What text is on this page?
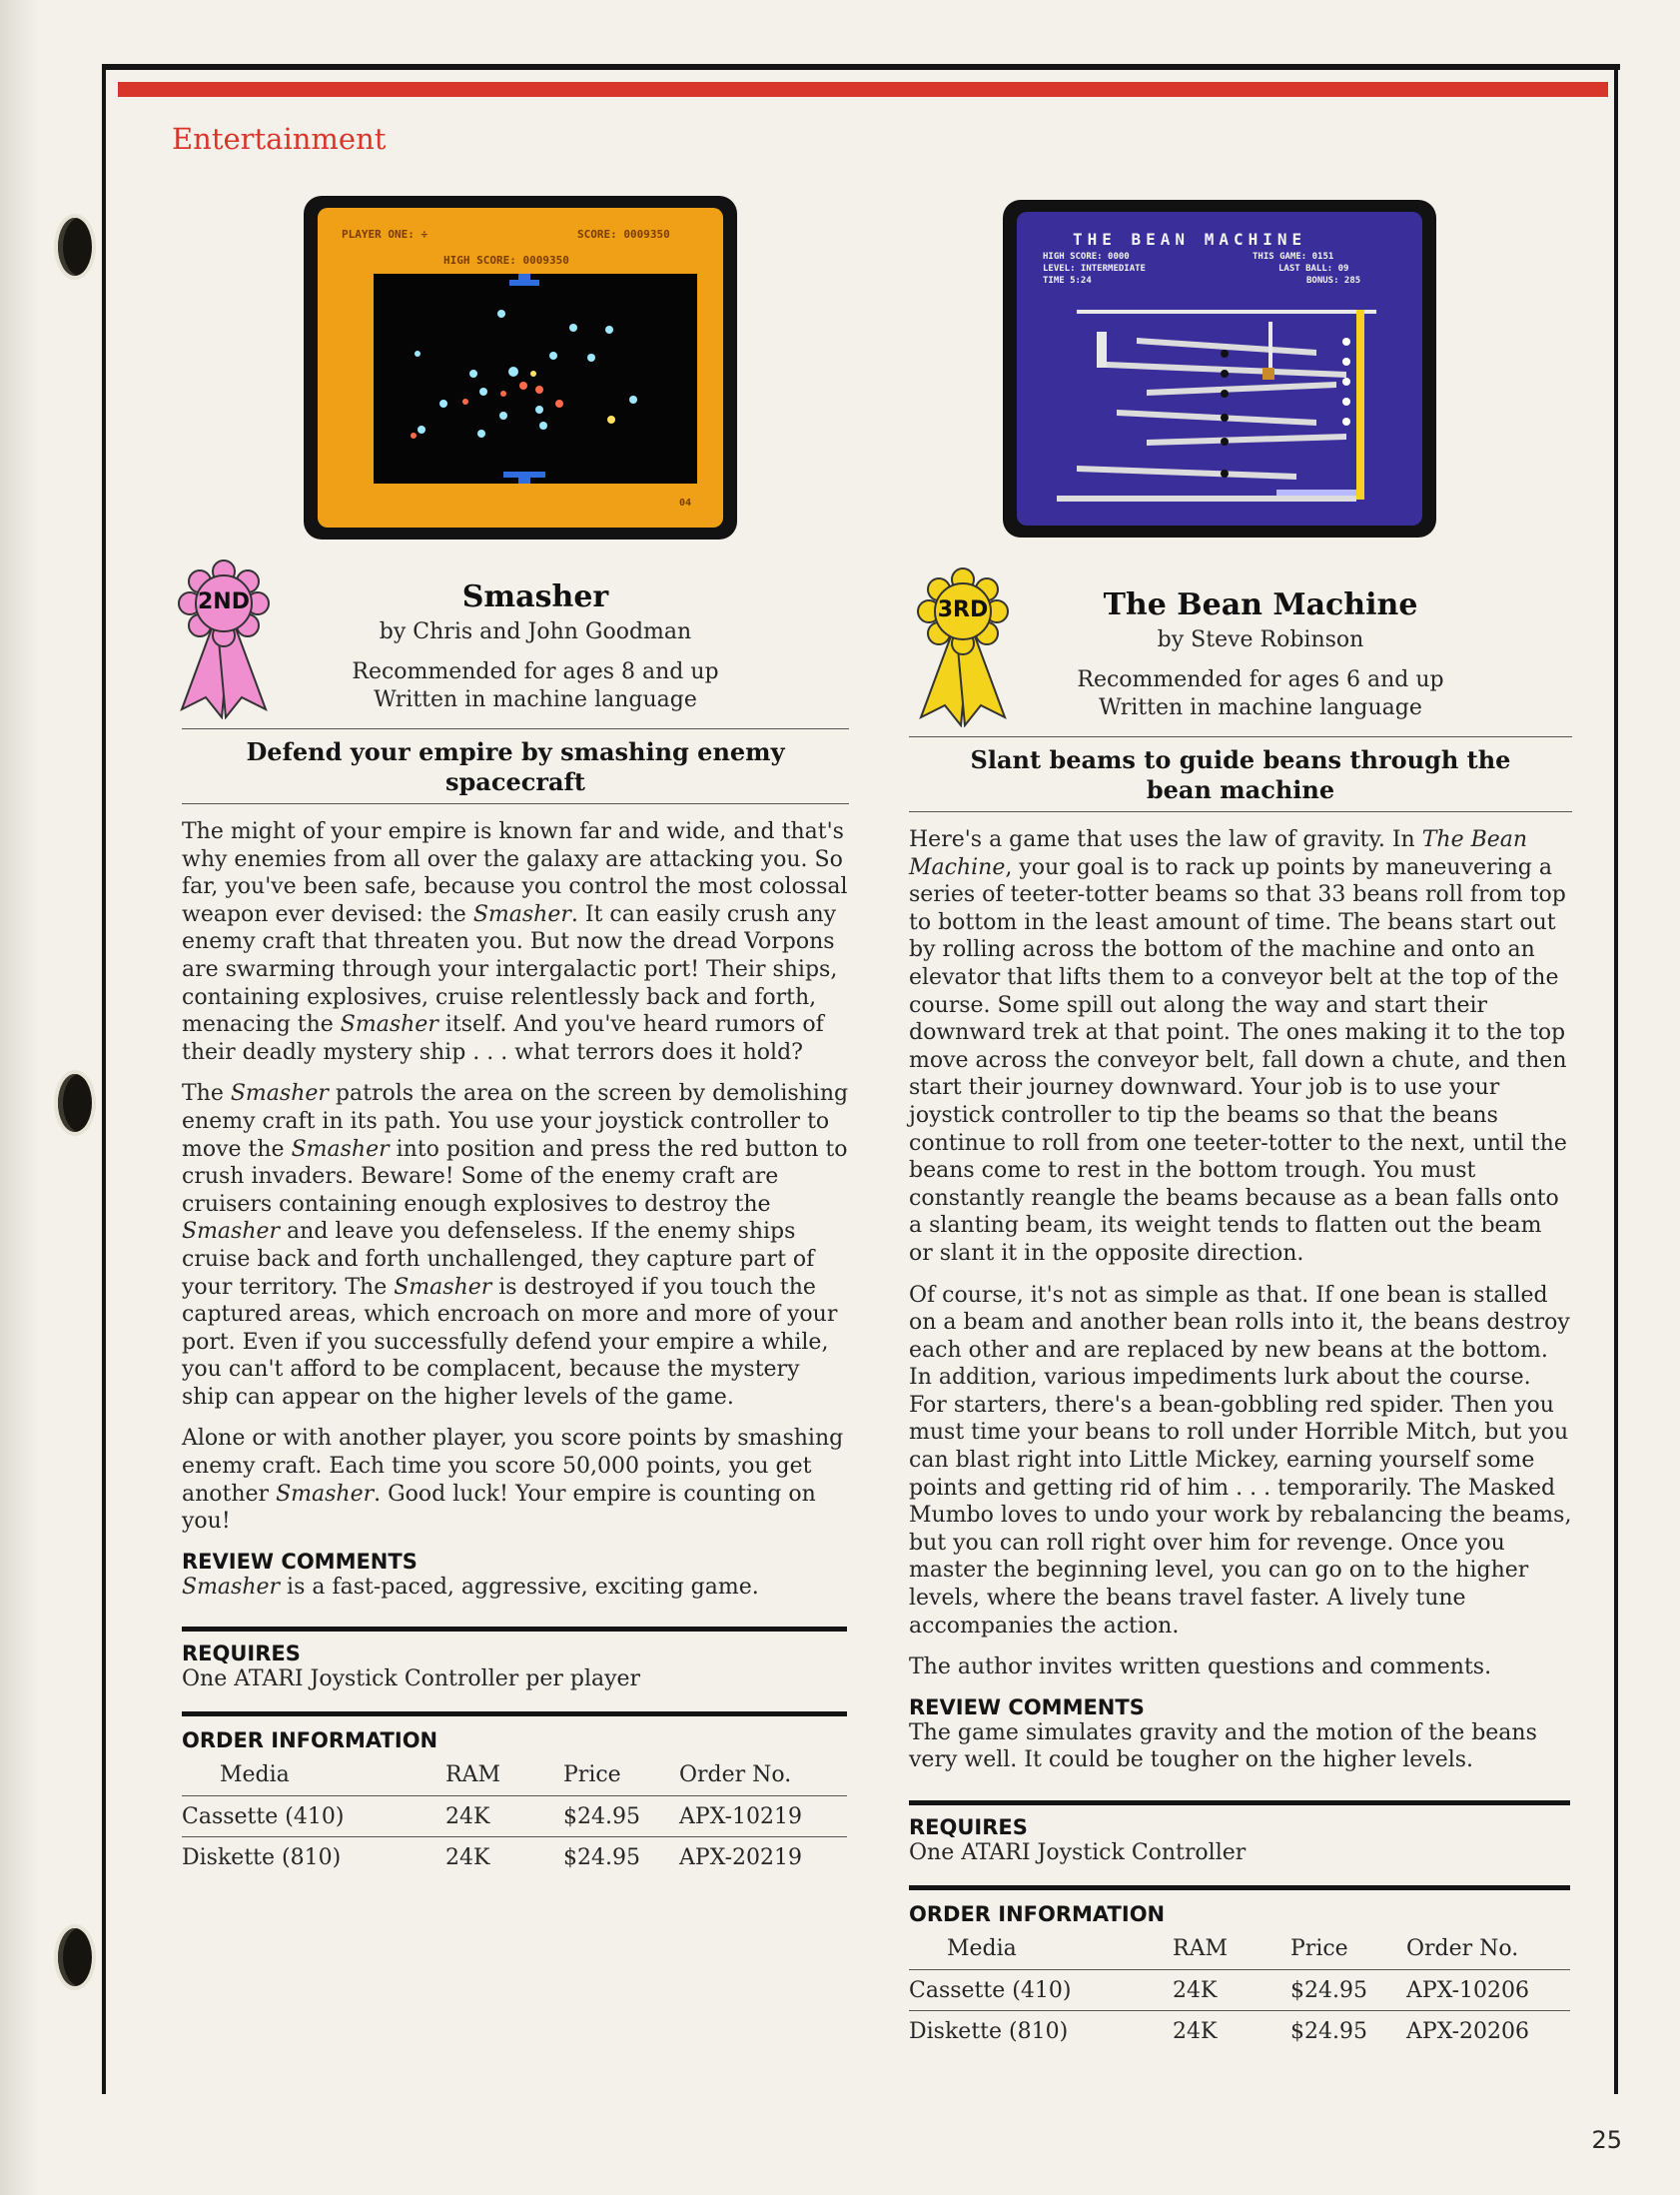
Entertainment
PLAYER ONE: ÷	SCORE: 0009350
HIGH SCORE: 0009350
04
THE BEAN MACHINE
HIGH SCORE: 0000	THIS GAME: 0151
LEVEL: INTERMEDIATE	LAST BALL: 09
TIME 5:24	BONUS: 285
2ND	3RD
Smasher
by Chris and John Goodman
Recommended for ages 8 and up
Written in machine language
Defend your empire by smashing enemy spacecraft

The might of your empire is known far and wide, and that's why enemies from all over the galaxy are attacking you. So far, you've been safe, because you control the most colossal weapon ever devised: the Smasher. It can easily crush any enemy craft that threaten you. But now the dread Vorpons are swarming through your intergalactic port! Their ships, containing explosives, cruise relentlessly back and forth, menacing the Smasher itself. And you've heard rumors of their deadly mystery ship . . . what terrors does it hold?

The Smasher patrols the area on the screen by demolishing enemy craft in its path. You use your joystick controller to move the Smasher into position and press the red button to crush invaders. Beware! Some of the enemy craft are cruisers containing enough explosives to destroy the Smasher and leave you defenseless. If the enemy ships cruise back and forth unchallenged, they capture part of your territory. The Smasher is destroyed if you touch the captured areas, which encroach on more and more of your port. Even if you successfully defend your empire a while, you can't afford to be complacent, because the mystery ship can appear on the higher levels of the game.

Alone or with another player, you score points by smashing enemy craft. Each time you score 50,000 points, you get another Smasher. Good luck! Your empire is counting on you!

REVIEW COMMENTS
Smasher is a fast-paced, aggressive, exciting game.
REQUIRES
One ATARI Joystick Controller per player
ORDER INFORMATION
Media	RAM	Price	Order No.
Cassette (410)	24K	$24.95	APX-10219
Diskette (810)	24K	$24.95	APX-20219
The Bean Machine
by Steve Robinson
Recommended for ages 6 and up
Written in machine language
Slant beams to guide beans through the bean machine

Here's a game that uses the law of gravity. In The Bean Machine, your goal is to rack up points by maneuvering a series of teeter-totter beams so that 33 beans roll from top to bottom in the least amount of time. The beans start out by rolling across the bottom of the machine and onto an elevator that lifts them to a conveyor belt at the top of the course. Some spill out along the way and start their downward trek at that point. The ones making it to the top move across the conveyor belt, fall down a chute, and then start their journey downward. Your job is to use your joystick controller to tip the beams so that the beans continue to roll from one teeter-totter to the next, until the beans come to rest in the bottom trough. You must constantly reangle the beams because as a bean falls onto a slanting beam, its weight tends to flatten out the beam or slant it in the opposite direction.

Of course, it's not as simple as that. If one bean is stalled on a beam and another bean rolls into it, the beans destroy each other and are replaced by new beans at the bottom. In addition, various impediments lurk about the course. For starters, there's a bean-gobbling red spider. Then you must time your beans to roll under Horrible Mitch, but you can blast right into Little Mickey, earning yourself some points and getting rid of him . . . temporarily. The Masked Mumbo loves to undo your work by rebalancing the beams, but you can roll right over him for revenge. Once you master the beginning level, you can go on to the higher levels, where the beans travel faster. A lively tune accompanies the action.

The author invites written questions and comments.

REVIEW COMMENTS
The game simulates gravity and the motion of the beans very well. It could be tougher on the higher levels.
REQUIRES
One ATARI Joystick Controller
ORDER INFORMATION
Media	RAM	Price	Order No.
Cassette (410)	24K	$24.95	APX-10206
Diskette (810)	24K	$24.95	APX-20206
25
